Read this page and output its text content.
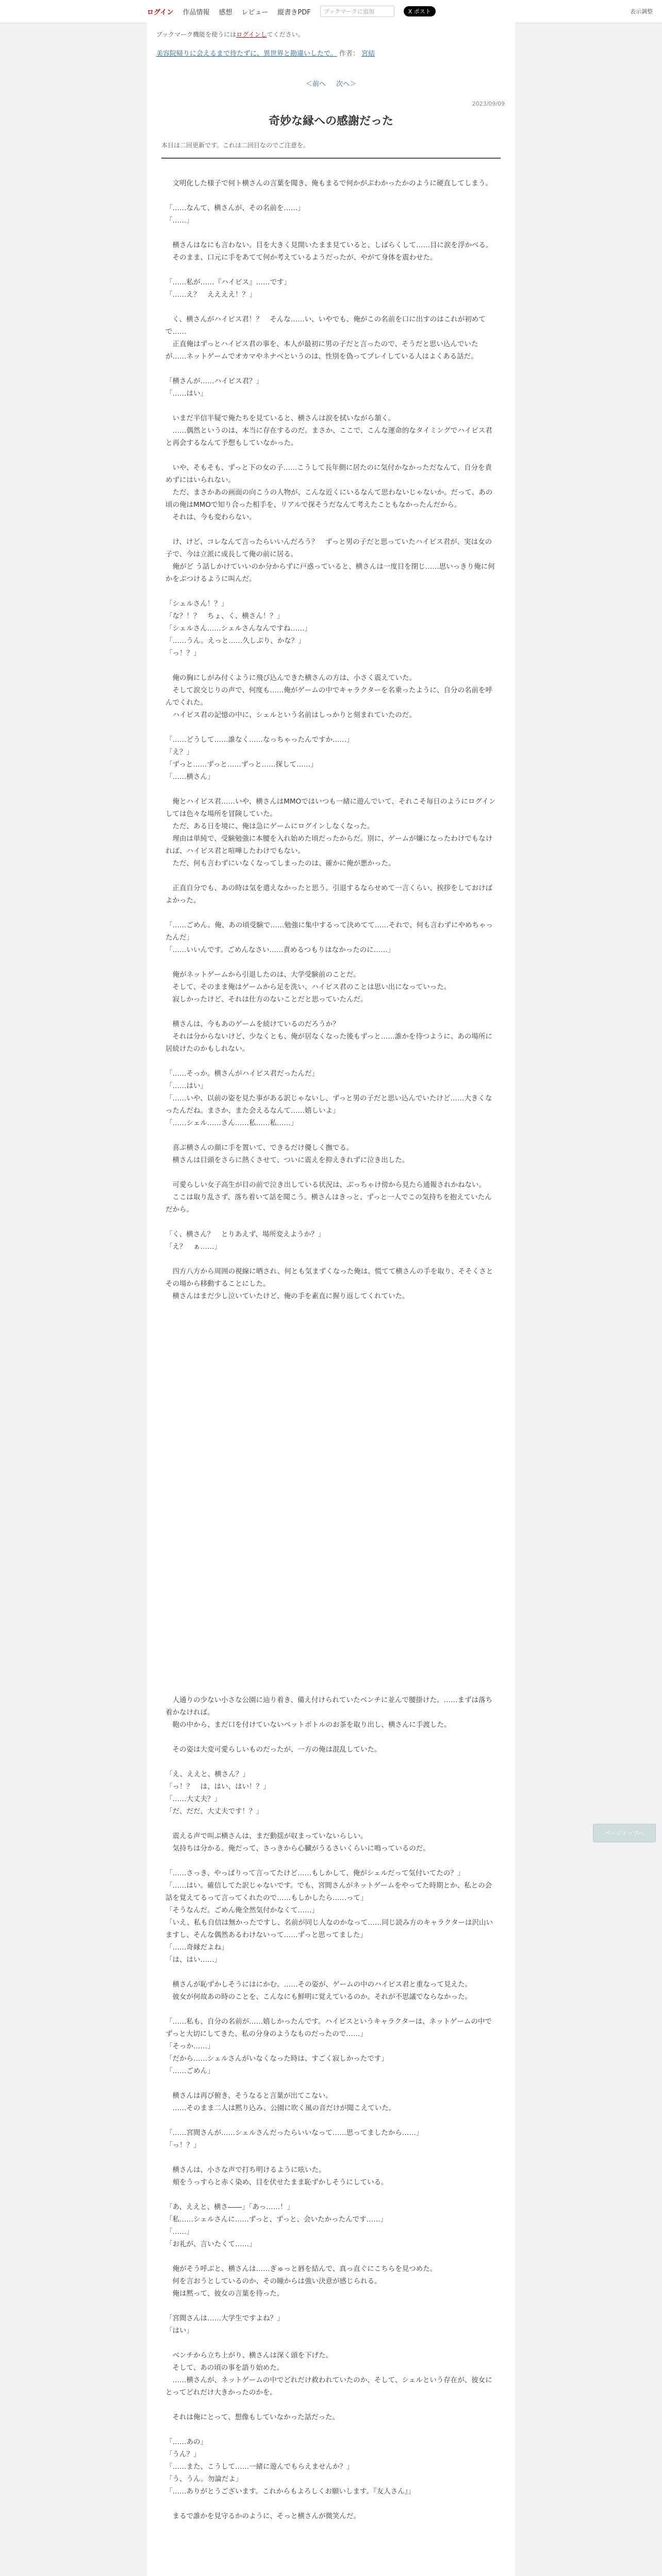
ログイン 作品情報 感想 レビュー 縦書きPDF	ブックマークに追加	X ポスト	表示調整
ブックマーク機能を使うにはログインしてください。
美容院帰りに会えるまで待たずに、異世界と勘違いしたで。 作者： 宮結
＜前へ 次へ＞
2023/09/09
奇妙な縁への感謝だった
本日は二回更新です。これは二回目なのでご注意を。

　文明化した様子で何ト横さんの言葉を聞き、俺もまるで何かがぶわかったかのように硬直してしまう。

「……なんて、横さんが、その名前を……」
「……」

　横さんはなにも言わない。目を大きく見開いたまま見ていると、しばらくして……目に涙を浮かべる。
　そのまま、口元に手をあてて何か考えているようだったが、やがて身体を震わせた。

「……私が……『ハイビス』……です」
「……え？　ええええ！？」

　く、横さんがハイビス君！？　そんな……い、いやでも、俺がこの名前を口に出すのはこれが初めてで……
　正直俺はずっとハイビス君の事を、本人が最初に男の子だと言ったので、そうだと思い込んでいたが……ネットゲームでオカマやネナベというのは、性別を偽ってプレイしている人はよくある話だ。

「横さんが……ハイビス君？」
「……はい」

　いまだ半信半疑で俺たちを見ていると、横さんは涙を拭いながら頷く。
　……偶然というのは、本当に存在するのだ。まさか、ここで、こんな運命的なタイミングでハイビス君と再会するなんて予想もしていなかった。

　いや、そもそも、ずっと下の女の子……こうして長年側に居たのに気付かなかっただなんて、自分を責めずにはいられない。
　ただ、まさかあの画面の向こうの人物が、こんな近くにいるなんて思わないじゃないか。だって、あの頃の俺はMMOで知り合った相手を、リアルで探そうだなんて考えたこともなかったんだから。
　それは、今も変わらない。

　け、けど、コレなんて言ったらいいんだろう？　ずっと男の子だと思っていたハイビス君が、実は女の子で、今は立派に成長して俺の前に居る。
　俺がど う話しかけていいのか分からずに戸惑っていると、横さんは一度目を閉じ……思いっきり俺に何かをぶつけるように叫んだ。

「シェルさん！？」
「な？！？　ちょ、く、横さん！？」
「シェルさん……シェルさんなんですね……」
「……うん。えっと……久しぶり、かな？」
「っ！？」

　俺の胸にしがみ付くように飛び込んできた横さんの方は、小さく震えていた。
　そして涙交じりの声で、何度も……俺がゲームの中でキャラクターを名乗ったように、自分の名前を呼んでくれた。
　ハイビス君の記憶の中に、シェルという名前はしっかりと刻まれていたのだ。

「……どうして……誰なく……なっちゃったんですか……」
「え？」
「ずっと……ずっと……ずっと……探して……」
「……横さん」

　俺とハイビス君……いや、横さんはMMOではいつも一緒に遊んでいて、それこそ毎日のようにログインしては色々な場所を冒険していた。
　ただ、ある日を境に、俺は急にゲームにログインしなくなった。
　理由は単純で、受験勉強に本腰を入れ始めた頃だったからだ。別に、ゲームが嫌になったわけでもなければ、ハイビス君と喧嘩したわけでもない。
　ただ、何も言わずにいなくなってしまったのは、確かに俺が悪かった。

　正直自分でも、あの時は気を遣えなかったと思う。引退するならせめて一言くらい、挨拶をしておけばよかった。

「……ごめん。俺、あの頃受験で……勉強に集中するって決めてて……それで、何も言わずにやめちゃったんだ」
「……いいんです。ごめんなさい……責めるつもりはなかったのに……」

　俺がネットゲームから引退したのは、大学受験前のことだ。
　そして、そのまま俺はゲームから足を洗い、ハイビス君のことは思い出になっていった。
　寂しかったけど、それは仕方のないことだと思っていたんだ。

　横さんは、今もあのゲームを続けているのだろうか？
　それは分からないけど、少なくとも、俺が居なくなった後もずっと……誰かを待つように、あの場所に居続けたのかもしれない。

「……そっか。横さんがハイビス君だったんだ」
「……はい」
「……いや、以前の姿を見た事がある訳じゃないし、ずっと男の子だと思い込んでいたけど……大きくなったんだね。まさか、また会えるなんて……嬉しいよ」
「……シェル……さん……私……私……」

　喜ぶ横さんの顔に手を置いて、できるだけ優しく撫でる。
　横さんは目頭をさらに熱くさせて、ついに震えを抑えきれずに泣き出した。

　可愛らしい女子高生が目の前で泣き出している状況は、ぶっちゃけ傍から見たら通報されかねない。
　ここは取り乱さず、落ち着いて話を聞こう。横さんはきっと、ずっと一人でこの気持ちを抱えていたんだから。

「く、横さん？　とりあえず、場所変えようか？」
「え？　ぁ……」

　四方八方から周囲の視線に晒され、何とも気まずくなった俺は、慌てて横さんの手を取り、そそくさとその場から移動することにした。
　横さんはまだ少し泣いていたけど、俺の手を素直に握り返してくれていた。

　人通りの少ない小さな公園に辿り着き、備え付けられていたベンチに並んで腰掛けた。……まずは落ち着かなければ。
　鞄の中から、まだ口を付けていないペットボトルのお茶を取り出し、横さんに手渡した。

　その姿は大変可愛らしいものだったが、一方の俺は混乱していた。

「え、ええと、横さん？」
「っ！？　は、はい、はい！？」
「……大丈夫？」
「だ、だだ、大丈夫です！？」

　震える声で叫ぶ横さんは、まだ動揺が収まっていないらしい。
　気持ちは分かる。俺だって、さっきから心臓がうるさいくらいに鳴っているのだ。

「……さっき、やっぱりって言ってたけど……もしかして、俺がシェルだって気付いてたの？」
「……はい。確信してた訳じゃないです。でも、宮間さんがネットゲームをやってた時期とか、私との会話を覚えてるって言ってくれたので……もしかしたら……って」
「そうなんだ。ごめん俺全然気付かなくて……」
「いえ、私も自信は無かったですし、名前が同じ人なのかなって……同じ読み方のキャラクターは沢山いますし、そんな偶然あるわけないって……ずっと思ってました」
「……奇縁だよね」
「は、はい……」

　横さんが恥ずかしそうにはにかむ。……その姿が、ゲームの中のハイビス君と重なって見えた。
　彼女が何故あの時のことを、こんなにも鮮明に覚えているのか。それが不思議でならなかった。

「……私も、自分の名前が……嬉しかったんです。ハイビスというキャラクターは、ネットゲームの中でずっと大切にしてきた、私の分身のようなものだったので……」
「そっか……」
「だから……シェルさんがいなくなった時は、すごく寂しかったです」
「……ごめん」

　横さんは再び俯き、そうなると言葉が出てこない。
　……そのまま二人は黙り込み、公園に吹く風の音だけが聞こえていた。

「……宮間さんが……シェルさんだったらいいなって……思ってましたから……」
「っ！？」

　横さんは、小さな声で打ち明けるように呟いた。
　頬をうっすらと赤く染め、目を伏せたまま恥ずかしそうにしている。

「あ、ええと、横さ――」「あっ……！」
「私……シェルさんに……ずっと、ずっと、会いたかったんです……」
「……」
「お礼が、言いたくて……」

　俺がそう呼ぶと、横さんは……ぎゅっと唇を結んで、真っ直ぐにこちらを見つめた。
　何を言おうとしているのか、その瞳からは強い決意が感じられる。
　俺は黙って、彼女の言葉を待った。

「宮間さんは……大学生ですよね？」
「はい」

　ベンチから立ち上がり、横さんは深く頭を下げた。
　そして、あの頃の事を語り始めた。
　……横さんが、ネットゲームの中でどれだけ救われていたのか、そして、シェルという存在が、彼女にとってどれだけ大きかったのかを。

　それは俺にとって、想像もしていなかった話だった。

「……あの」
「うん？」
「……また、こうして……一緒に遊んでもらえませんか？」
「う、うん。勿論だよ」
「……ありがとうございます。これからもよろしくお願いします。『友人さん』」

　まるで誰かを見守るかのように、そっと横さんが微笑んだ。

ページトップへ
